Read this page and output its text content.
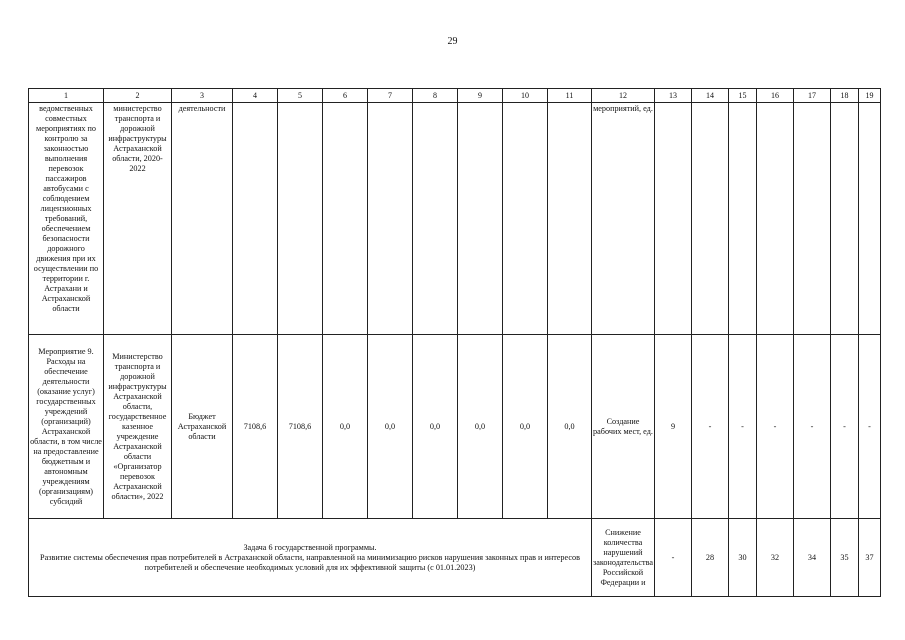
29
1	2	3	4	5	6	7	8	9	10	11	12	13	14	15	16	17	18	19
ведомственных совместных мероприятиях по контролю за законностью выполнения перевозок пассажиров автобусами с соблюдением лицензионных требований, обеспечением безопасности дорожного движения при их осуществлении по территории г. Астрахани и Астраханской области	министерство транспорта и дорожной инфраструктуры Астраханской области, 2020-2022	деятельности									мероприятий, ед.							
Мероприятие 9. Расходы на обеспечение деятельности (оказание услуг) государственных учреждений (организаций) Астраханской области, в том числе на предоставление бюджетным и автономным учреждениям (организациям) субсидий	Министерство транспорта и дорожной инфраструктуры Астраханской области, государственное казенное учреждение Астраханской области «Организатор перевозок Астраханской области», 2022	Бюджет Астраханской области	7108,6	7108,6	0,0	0,0	0,0	0,0	0,0	0,0	Создание рабочих мест, ед.	9	-	-	-	-	-	-

Задача 6 государственной программы.
Развитие системы обеспечения прав потребителей в Астраханской области, направленной на минимизацию рисков нарушения законных прав и интересов потребителей и обеспечение необходимых условий для их эффективной защиты (с 01.01.2023)											Снижение количества нарушений законодательства Российской Федерации и	-	28	30	32	34	35	37
